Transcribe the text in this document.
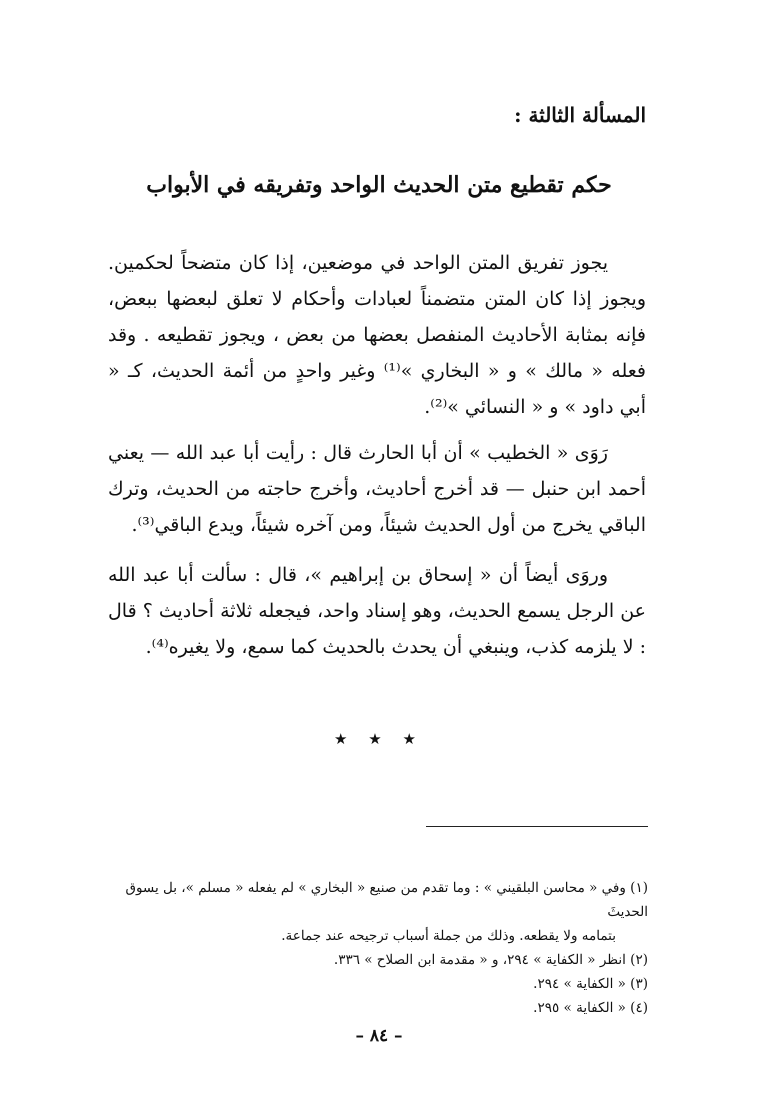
المسألة الثالثة :
حكم تقطيع متن الحديث الواحد وتفريقه في الأبواب

يجوز تفريق المتن الواحد في موضعين، إذا كان متضحاً لحكمين. ويجوز إذا كان المتن متضمناً لعبادات وأحكام لا تعلق لبعضها ببعض، فإنه بمثابة الأحاديث المنفصل بعضها من بعض ، ويجوز تقطيعه . وقد فعله « مالك » و « البخاري »⁽¹⁾ وغير واحدٍ من أئمة الحديث، كـ « أبي داود » و « النسائي »⁽²⁾.

رَوَى « الخطيب » أن أبا الحارث قال : رأيت أبا عبد الله — يعني أحمد ابن حنبل — قد أخرج أحاديث، وأخرج حاجته من الحديث، وترك الباقي يخرج من أول الحديث شيئاً، ومن آخره شيئاً، ويدع الباقي⁽³⁾.

وروَى أيضاً أن « إسحاق بن إبراهيم »، قال : سألت أبا عبد الله عن الرجل يسمع الحديث، وهو إسناد واحد، فيجعله ثلاثة أحاديث ؟ قال : لا يلزمه كذب، وينبغي أن يحدث بالحديث كما سمع، ولا يغيره⁽⁴⁾.

★ ★ ★

(١) وفي « محاسن البلقيني » : وما تقدم من صنيع « البخاري » لم يفعله « مسلم »، بل يسوق الحديثَ

بتمامه ولا يقطعه. وذلك من جملة أسباب ترجيحه عند جماعة.

(٢) انظر « الكفاية » ٢٩٤، و « مقدمة ابن الصلاح » ٣٣٦.

(٣) « الكفاية » ٢٩٤.

(٤) « الكفاية » ٢٩٥.

– ٨٤ –
